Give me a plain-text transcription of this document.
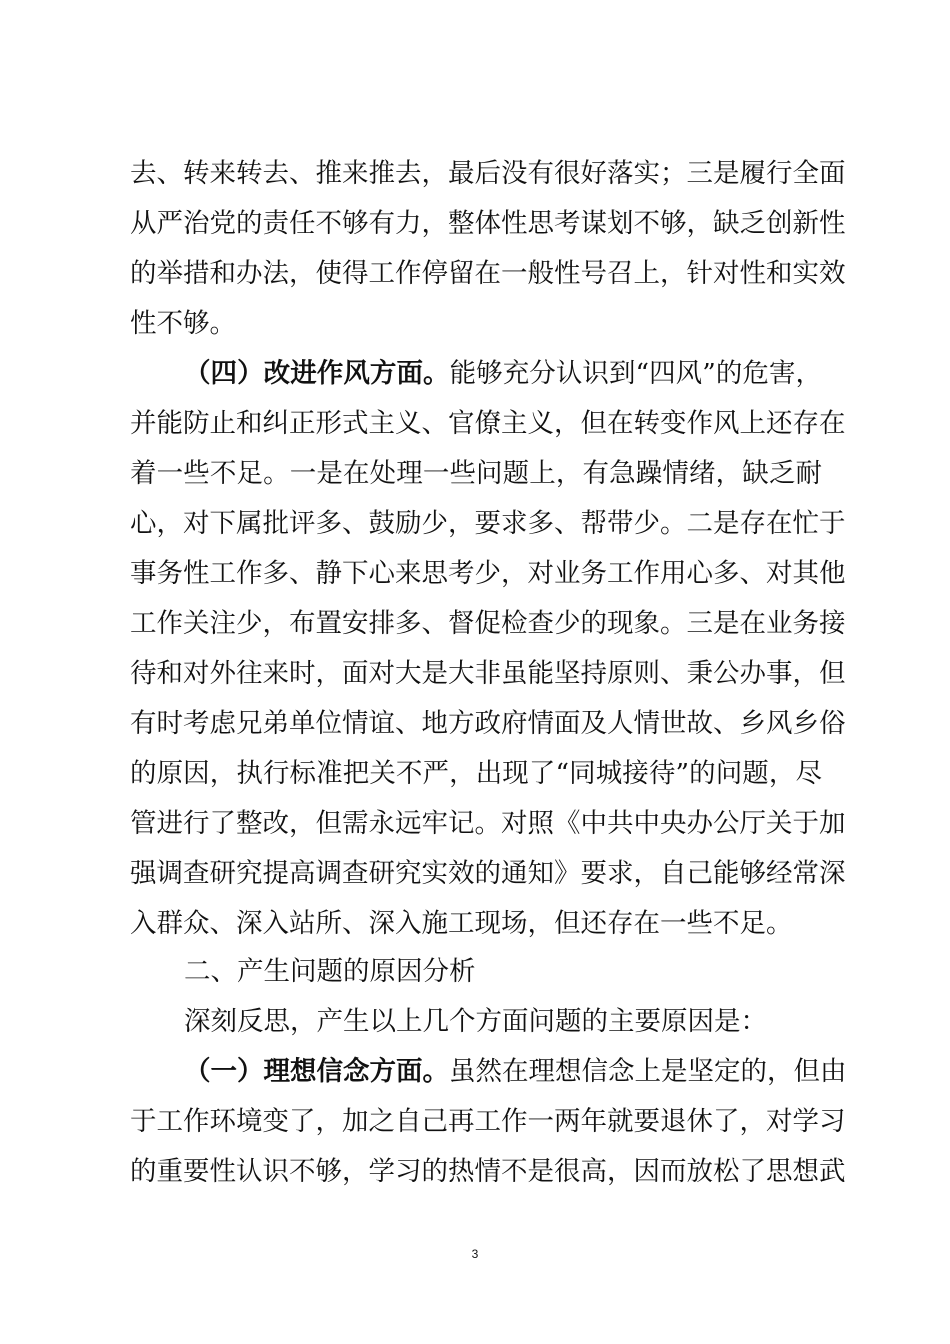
去、转来转去、推来推去，最后没有很好落实；三是履行全面
从严治党的责任不够有力，整体性思考谋划不够，缺乏创新性
的举措和办法，使得工作停留在一般性号召上，针对性和实效
性不够。
（四）改进作风方面。能够充分认识到“四风”的危害，
并能防止和纠正形式主义、官僚主义，但在转变作风上还存在
着一些不足。一是在处理一些问题上，有急躁情绪，缺乏耐
心，对下属批评多、鼓励少，要求多、帮带少。二是存在忙于
事务性工作多、静下心来思考少，对业务工作用心多、对其他
工作关注少，布置安排多、督促检查少的现象。三是在业务接
待和对外往来时，面对大是大非虽能坚持原则、秉公办事，但
有时考虑兄弟单位情谊、地方政府情面及人情世故、乡风乡俗
的原因，执行标准把关不严，出现了“同城接待”的问题，尽
管进行了整改，但需永远牢记。对照《中共中央办公厅关于加
强调查研究提高调查研究实效的通知》要求，自己能够经常深
入群众、深入站所、深入施工现场，但还存在一些不足。
二、产生问题的原因分析
深刻反思，产生以上几个方面问题的主要原因是：
（一）理想信念方面。虽然在理想信念上是坚定的，但由
于工作环境变了，加之自己再工作一两年就要退休了，对学习
的重要性认识不够，学习的热情不是很高，因而放松了思想武
3
